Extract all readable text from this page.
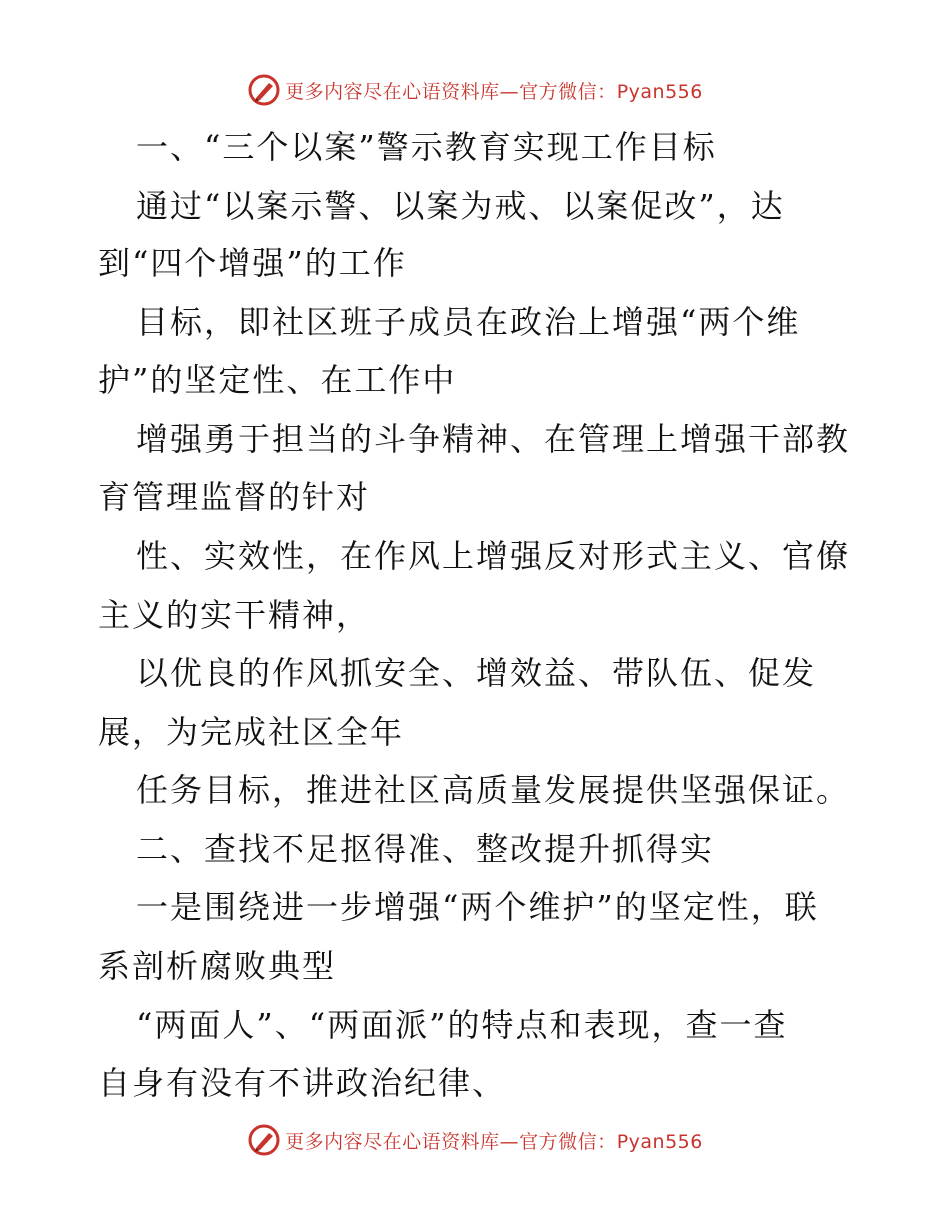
更多内容尽在心语资料库—官方微信：Pyan556
一、“三个以案”警示教育实现工作目标
通过“以案示警、以案为戒、以案促改”，达
到“四个增强”的工作
目标，即社区班子成员在政治上增强“两个维
护”的坚定性、在工作中
增强勇于担当的斗争精神、在管理上增强干部教
育管理监督的针对
性、实效性，在作风上增强反对形式主义、官僚
主义的实干精神，
以优良的作风抓安全、增效益、带队伍、促发
展，为完成社区全年
任务目标，推进社区高质量发展提供坚强保证。
二、查找不足抠得准、整改提升抓得实
一是围绕进一步增强“两个维护”的坚定性，联
系剖析腐败典型
“两面人”、“两面派”的特点和表现，查一查
自身有没有不讲政治纪律、
更多内容尽在心语资料库—官方微信：Pyan556
